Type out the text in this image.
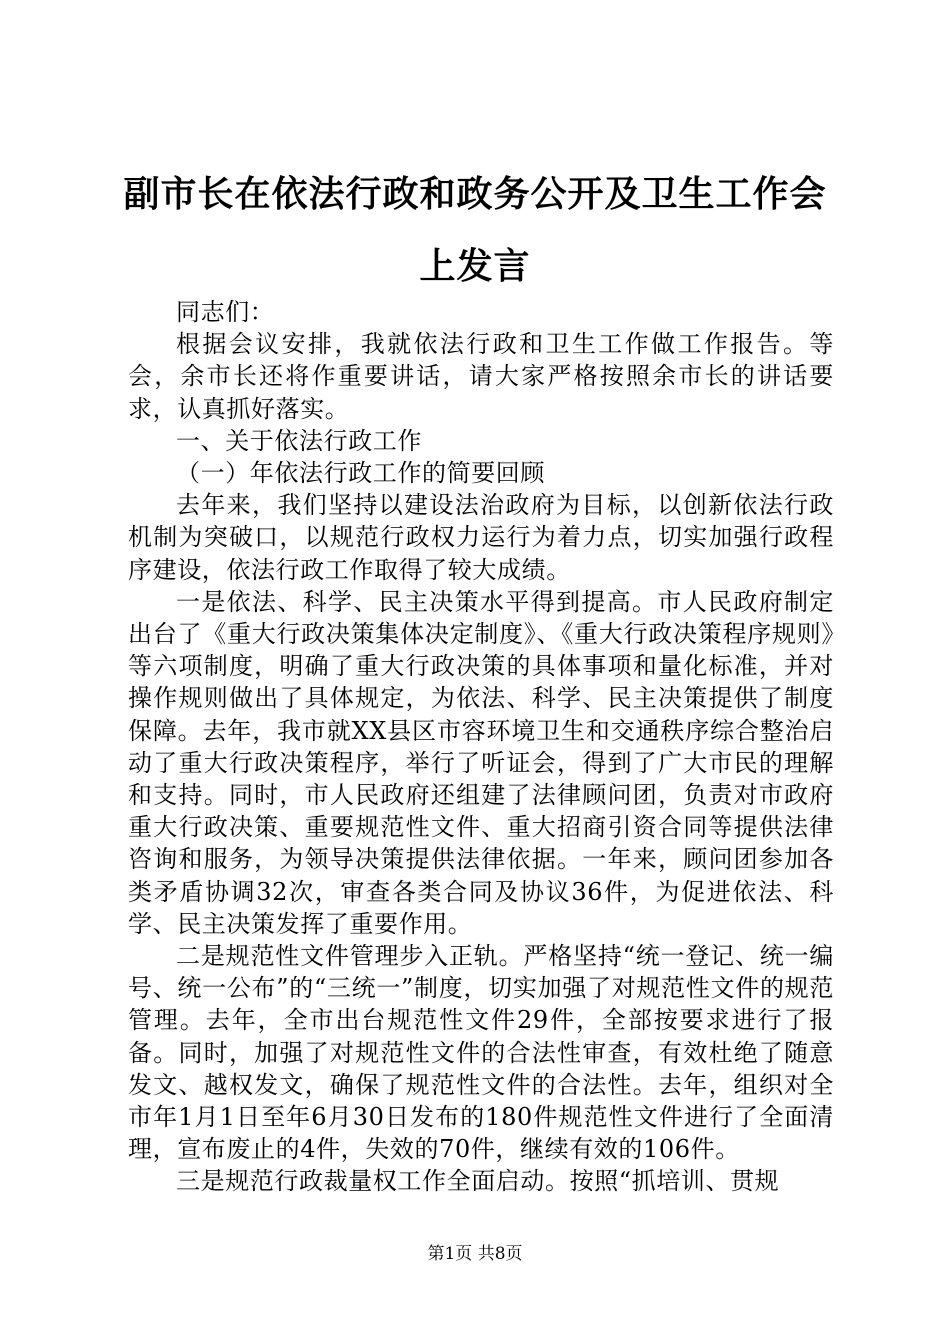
副市长在依法行政和政务公开及卫生工作会上发言

同志们：

根据会议安排，我就依法行政和卫生工作做工作报告。等会，余市长还将作重要讲话，请大家严格按照余市长的讲话要求，认真抓好落实。

一、关于依法行政工作

（一）年依法行政工作的简要回顾

去年来，我们坚持以建设法治政府为目标，以创新依法行政机制为突破口，以规范行政权力运行为着力点，切实加强行政程序建设，依法行政工作取得了较大成绩。

一是依法、科学、民主决策水平得到提高。市人民政府制定出台了《重大行政决策集体决定制度》、《重大行政决策程序规则》等六项制度，明确了重大行政决策的具体事项和量化标准，并对操作规则做出了具体规定，为依法、科学、民主决策提供了制度保障。去年，我市就XX县区市容环境卫生和交通秩序综合整治启动了重大行政决策程序，举行了听证会，得到了广大市民的理解和支持。同时，市人民政府还组建了法律顾问团，负责对市政府重大行政决策、重要规范性文件、重大招商引资合同等提供法律咨询和服务，为领导决策提供法律依据。一年来，顾问团参加各类矛盾协调32次，审查各类合同及协议36件，为促进依法、科学、民主决策发挥了重要作用。

二是规范性文件管理步入正轨。严格坚持“统一登记、统一编号、统一公布”的“三统一”制度，切实加强了对规范性文件的规范管理。去年，全市出台规范性文件29件，全部按要求进行了报备。同时，加强了对规范性文件的合法性审查，有效杜绝了随意发文、越权发文，确保了规范性文件的合法性。去年，组织对全市年1月1日至年6月30日发布的180件规范性文件进行了全面清理，宣布废止的4件，失效的70件，继续有效的106件。

三是规范行政裁量权工作全面启动。按照“抓培训、贯规

第1页 共8页
